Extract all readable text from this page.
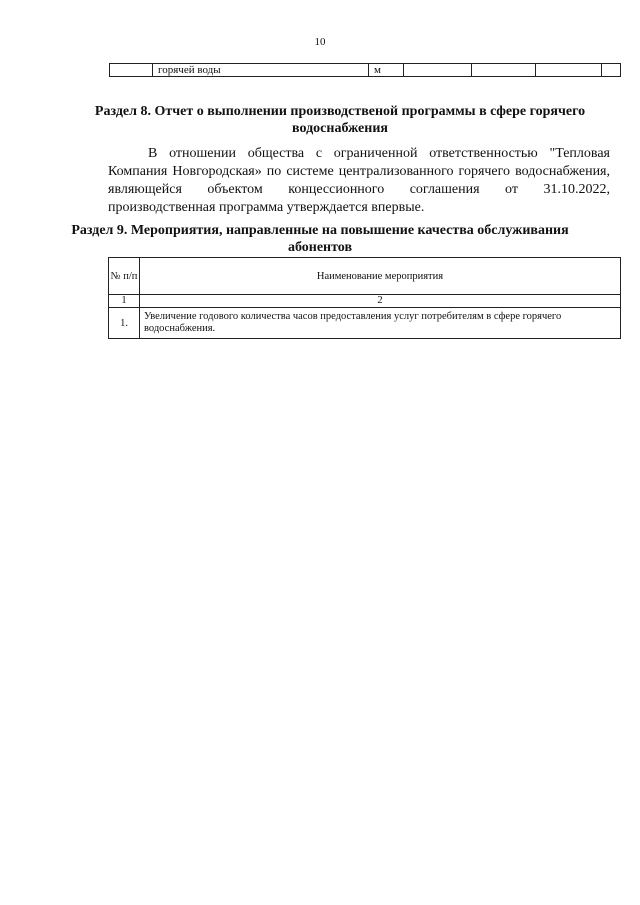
10
	горячей воды	м				
Раздел 8. Отчет о выполнении производственой программы в сфере горячего водоснабжения
В отношении общества с ограниченной ответственностью "Тепловая Компания Новгородская» по системе централизованного горячего водоснабжения, являющейся объектом концессионного соглашения от 31.10.2022, производственная программа утверждается впервые.
Раздел 9. Мероприятия, направленные на повышение качества обслуживания абонентов
№ п/п	Наименование мероприятия
1	2
1.	Увеличение годового количества часов предоставления услуг потребителям в сфере горячего водоснабжения.
